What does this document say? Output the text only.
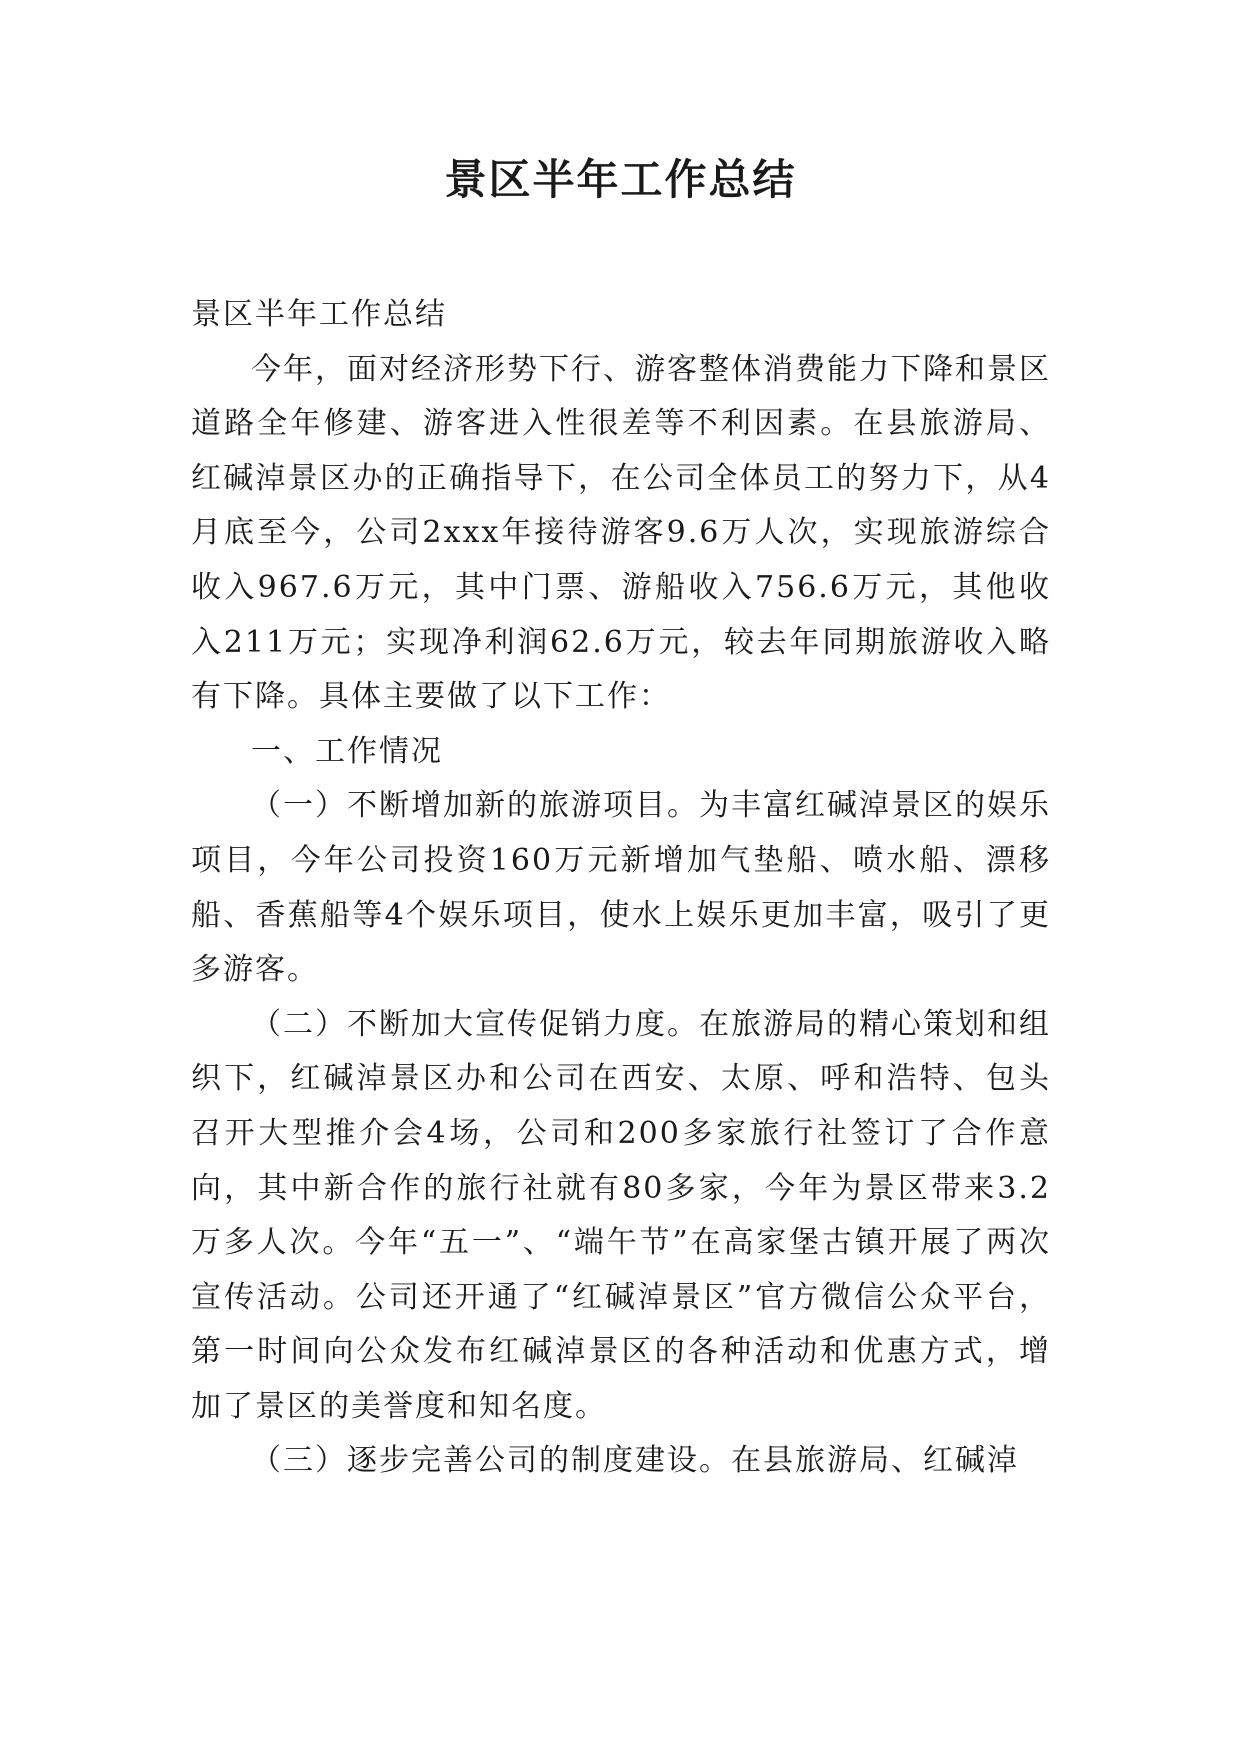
景区半年工作总结

景区半年工作总结

今年，面对经济形势下行、游客整体消费能力下降和景区道路全年修建、游客进入性很差等不利因素。在县旅游局、红碱淖景区办的正确指导下，在公司全体员工的努力下，从4月底至今，公司2xxx年接待游客9.6万人次，实现旅游综合收入967.6万元，其中门票、游船收入756.6万元，其他收入211万元；实现净利润62.6万元，较去年同期旅游收入略有下降。具体主要做了以下工作：

一、工作情况

（一）不断增加新的旅游项目。为丰富红碱淖景区的娱乐项目，今年公司投资160万元新增加气垫船、喷水船、漂移船、香蕉船等4个娱乐项目，使水上娱乐更加丰富，吸引了更多游客。

（二）不断加大宣传促销力度。在旅游局的精心策划和组织下，红碱淖景区办和公司在西安、太原、呼和浩特、包头召开大型推介会4场，公司和200多家旅行社签订了合作意向，其中新合作的旅行社就有80多家，今年为景区带来3.2万多人次。今年“五一”、“端午节”在高家堡古镇开展了两次宣传活动。公司还开通了“红碱淖景区”官方微信公众平台，第一时间向公众发布红碱淖景区的各种活动和优惠方式，增加了景区的美誉度和知名度。

（三）逐步完善公司的制度建设。在县旅游局、红碱淖
